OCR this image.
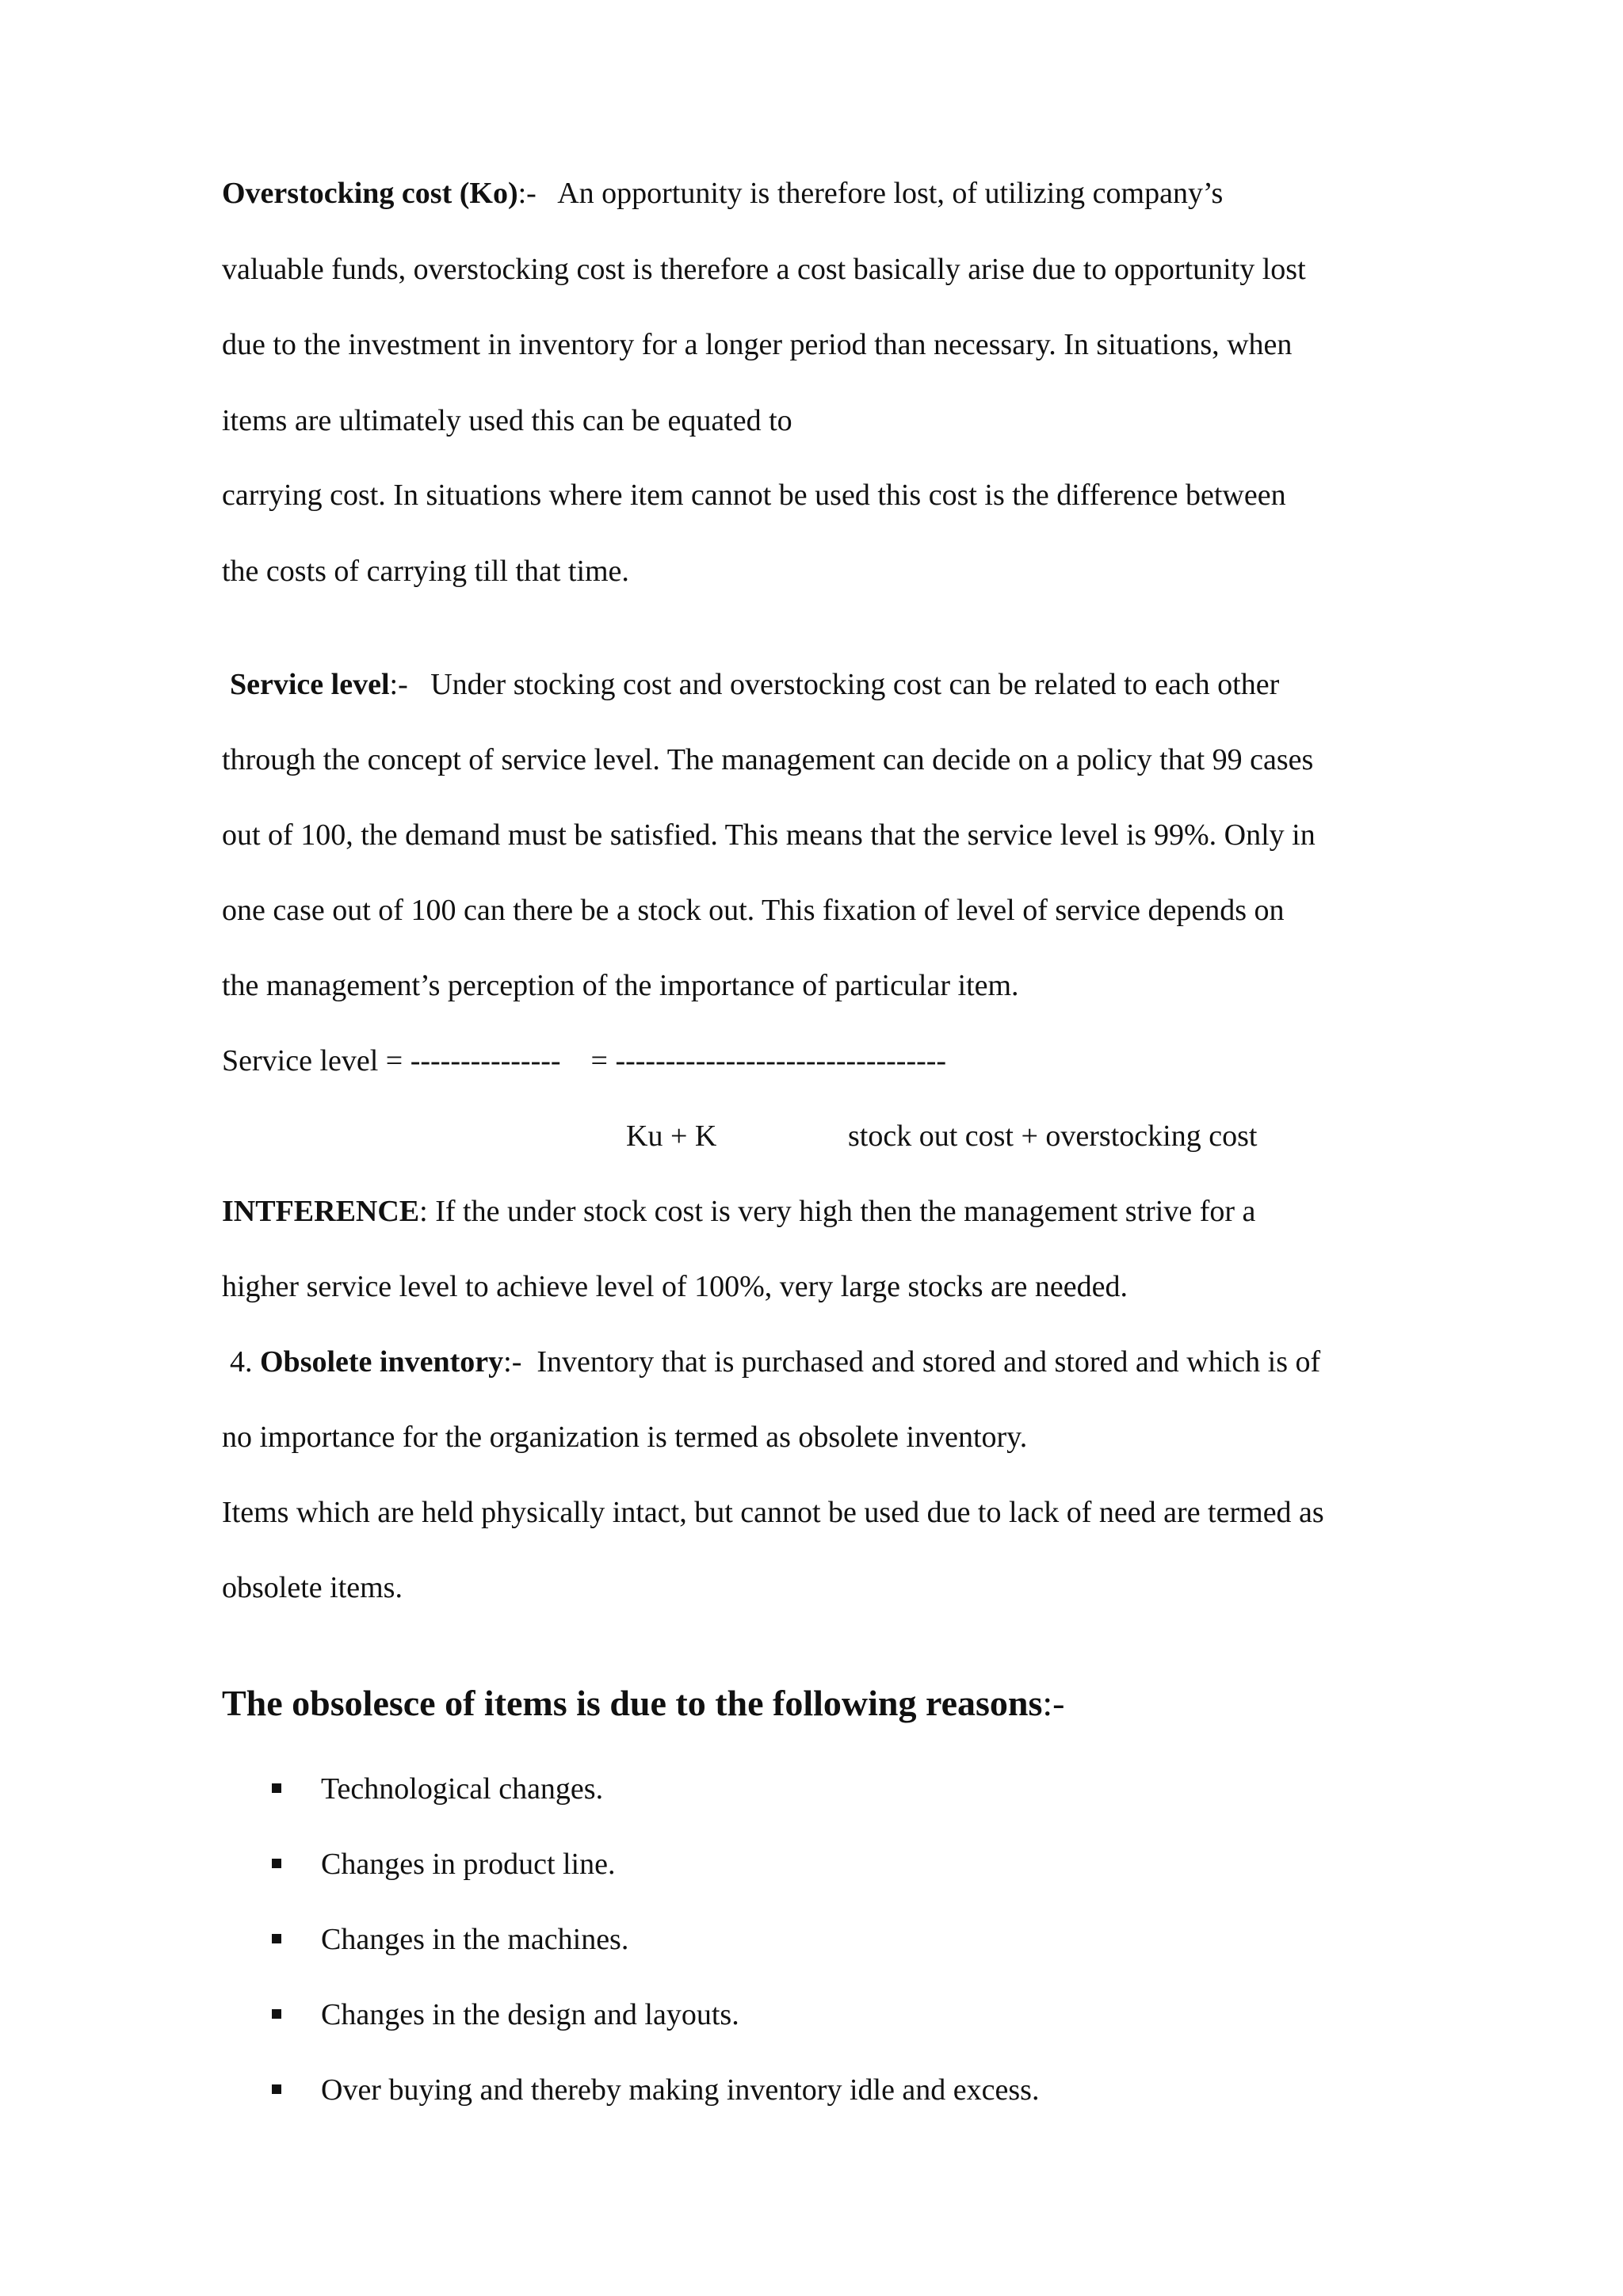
Overstocking cost (Ko):-   An opportunity is therefore lost, of utilizing company’s
valuable funds, overstocking cost is therefore a cost basically arise due to opportunity lost
due to the investment in inventory for a longer period than necessary. In situations, when
items are ultimately used this can be equated to
carrying cost. In situations where item cannot be used this cost is the difference between
the costs of carrying till that time.
Service level:-   Under stocking cost and overstocking cost can be related to each other
through the concept of service level. The management can decide on a policy that 99 cases
out of 100, the demand must be satisfied. This means that the service level is 99%. Only in
one case out of 100 can there be a stock out. This fixation of level of service depends on
the management’s perception of the importance of particular item.
Service level = ---------------    = ---------------------------------
Ku + K	stock out cost + overstocking cost
INTFERENCE: If the under stock cost is very high then the management strive for a
higher service level to achieve level of 100%, very large stocks are needed.
4. Obsolete inventory:-  Inventory that is purchased and stored and stored and which is of
no importance for the organization is termed as obsolete inventory.
Items which are held physically intact, but cannot be used due to lack of need are termed as
obsolete items.
The obsolesce of items is due to the following reasons:-
Technological changes.
Changes in product line.
Changes in the machines.
Changes in the design and layouts.
Over buying and thereby making inventory idle and excess.
